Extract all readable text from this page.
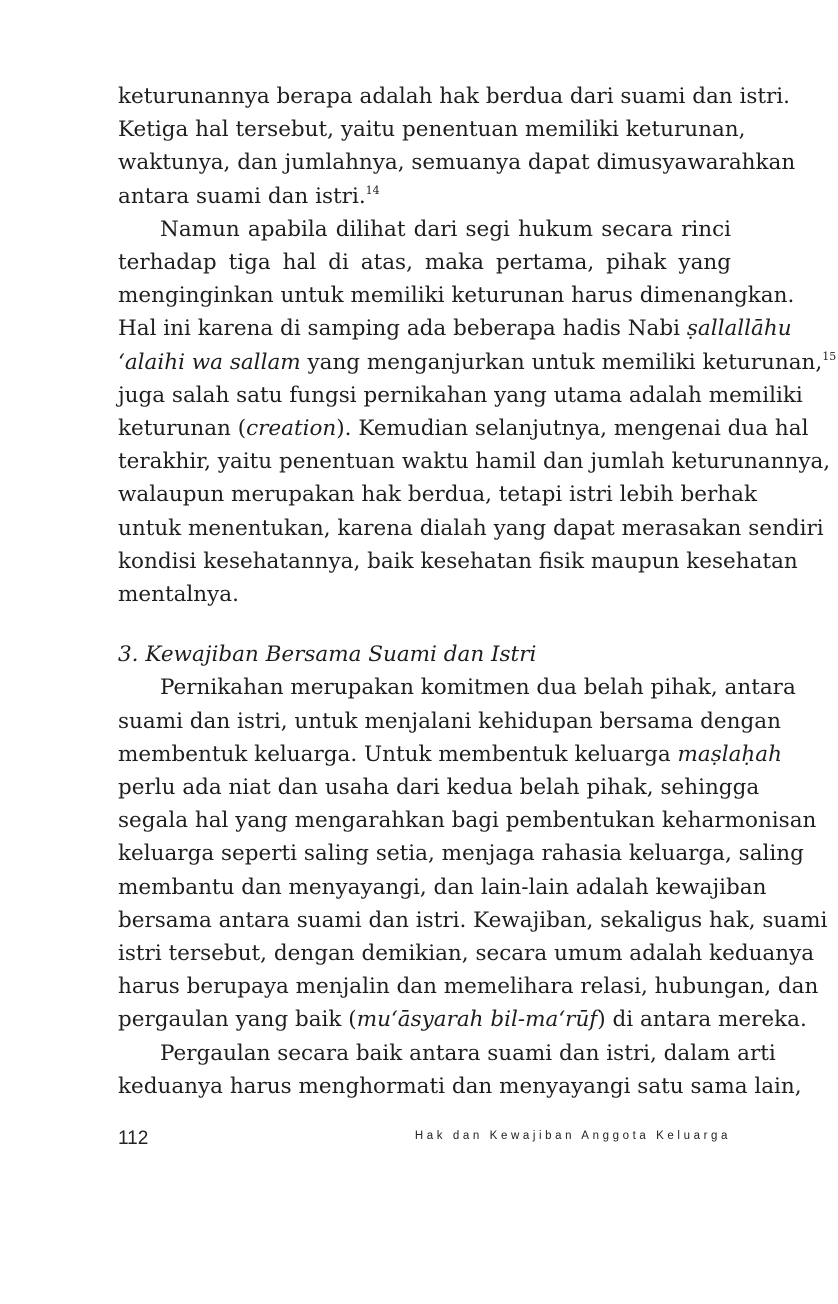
keturunannya berapa adalah hak berdua dari suami dan istri.
Ketiga hal tersebut, yaitu penentuan memiliki keturunan,
waktunya, dan jumlahnya, semuanya dapat dimusyawarahkan
antara suami dan istri.$^{14}$
Namun apabila dilihat dari segi hukum secara rinci
terhadap tiga hal di atas, maka pertama, pihak yang
menginginkan untuk memiliki keturunan harus dimenangkan.
Hal ini karena di samping ada beberapa hadis Nabi ṣallallāhu
‘alaihi wa sallam yang menganjurkan untuk memiliki keturunan,$^{15}$
juga salah satu fungsi pernikahan yang utama adalah memiliki
keturunan (creation). Kemudian selanjutnya, mengenai dua hal
terakhir, yaitu penentuan waktu hamil dan jumlah keturunannya,
walaupun merupakan hak berdua, tetapi istri lebih berhak
untuk menentukan, karena dialah yang dapat merasakan sendiri
kondisi kesehatannya, baik kesehatan fisik maupun kesehatan
mentalnya.
3. Kewajiban Bersama Suami dan Istri
Pernikahan merupakan komitmen dua belah pihak, antara
suami dan istri, untuk menjalani kehidupan bersama dengan
membentuk keluarga. Untuk membentuk keluarga maṣlaḥah
perlu ada niat dan usaha dari kedua belah pihak, sehingga
segala hal yang mengarahkan bagi pembentukan keharmonisan
keluarga seperti saling setia, menjaga rahasia keluarga, saling
membantu dan menyayangi, dan lain-lain adalah kewajiban
bersama antara suami dan istri. Kewajiban, sekaligus hak, suami
istri tersebut, dengan demikian, secara umum adalah keduanya
harus berupaya menjalin dan memelihara relasi, hubungan, dan
pergaulan yang baik (mu‘āsyarah bil-ma‘rūf) di antara mereka.
Pergaulan secara baik antara suami dan istri, dalam arti
keduanya harus menghormati dan menyayangi satu sama lain,
112	Hak dan Kewajiban Anggota Keluarga
